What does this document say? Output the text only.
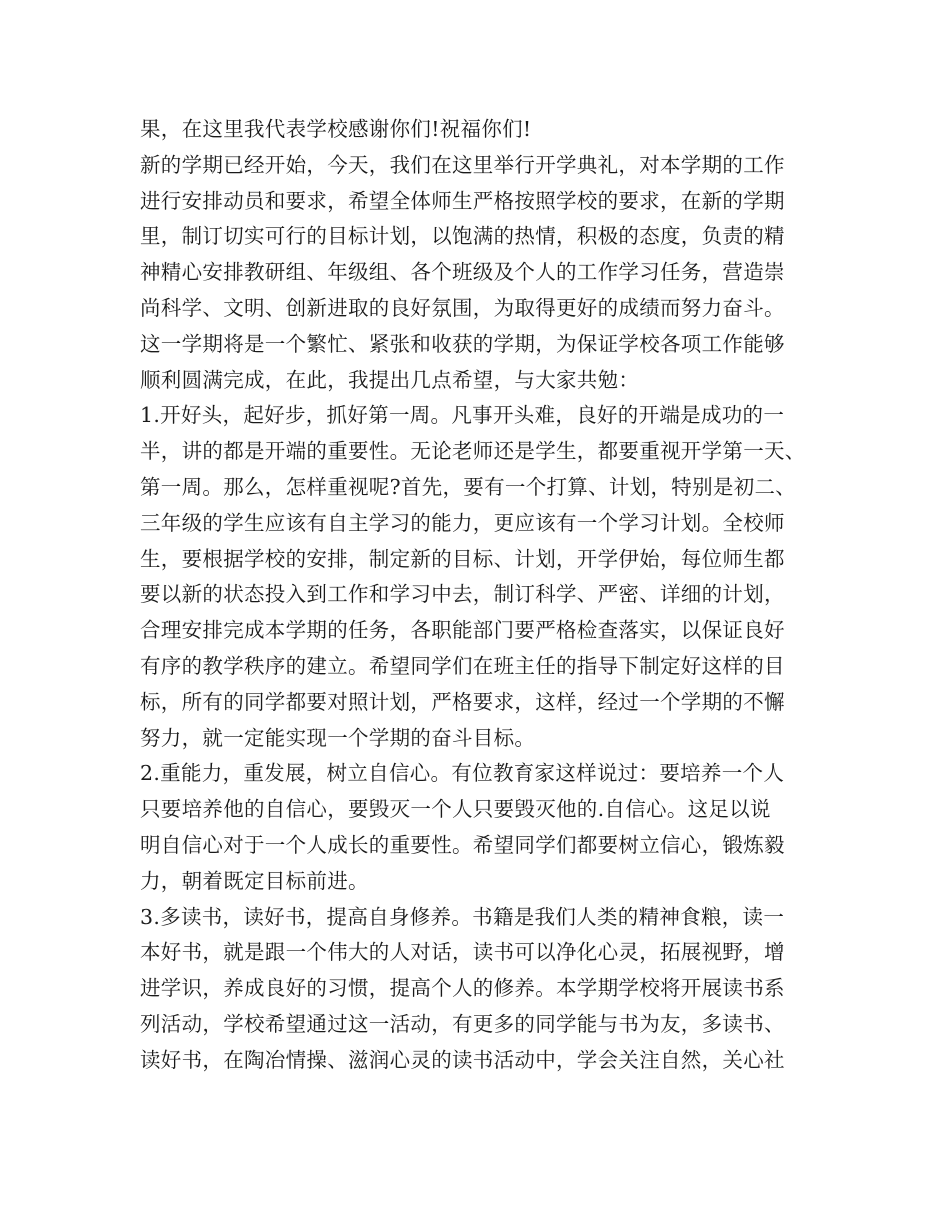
果，在这里我代表学校感谢你们!祝福你们!
新的学期已经开始，今天，我们在这里举行开学典礼，对本学期的工作
进行安排动员和要求，希望全体师生严格按照学校的要求，在新的学期
里，制订切实可行的目标计划，以饱满的热情，积极的态度，负责的精
神精心安排教研组、年级组、各个班级及个人的工作学习任务，营造崇
尚科学、文明、创新进取的良好氛围，为取得更好的成绩而努力奋斗。
这一学期将是一个繁忙、紧张和收获的学期，为保证学校各项工作能够
顺利圆满完成，在此，我提出几点希望，与大家共勉：
1.开好头，起好步，抓好第一周。凡事开头难，良好的开端是成功的一
半，讲的都是开端的重要性。无论老师还是学生，都要重视开学第一天、
第一周。那么，怎样重视呢?首先，要有一个打算、计划，特别是初二、
三年级的学生应该有自主学习的能力，更应该有一个学习计划。全校师
生，要根据学校的安排，制定新的目标、计划，开学伊始，每位师生都
要以新的状态投入到工作和学习中去，制订科学、严密、详细的计划，
合理安排完成本学期的任务，各职能部门要严格检查落实，以保证良好
有序的教学秩序的建立。希望同学们在班主任的指导下制定好这样的目
标，所有的同学都要对照计划，严格要求，这样，经过一个学期的不懈
努力，就一定能实现一个学期的奋斗目标。
2.重能力，重发展，树立自信心。有位教育家这样说过：要培养一个人
只要培养他的自信心，要毁灭一个人只要毁灭他的.自信心。这足以说
明自信心对于一个人成长的重要性。希望同学们都要树立信心，锻炼毅
力，朝着既定目标前进。
3.多读书，读好书，提高自身修养。书籍是我们人类的精神食粮，读一
本好书，就是跟一个伟大的人对话，读书可以净化心灵，拓展视野，增
进学识，养成良好的习惯，提高个人的修养。本学期学校将开展读书系
列活动，学校希望通过这一活动，有更多的同学能与书为友，多读书、
读好书，在陶冶情操、滋润心灵的读书活动中，学会关注自然，关心社
